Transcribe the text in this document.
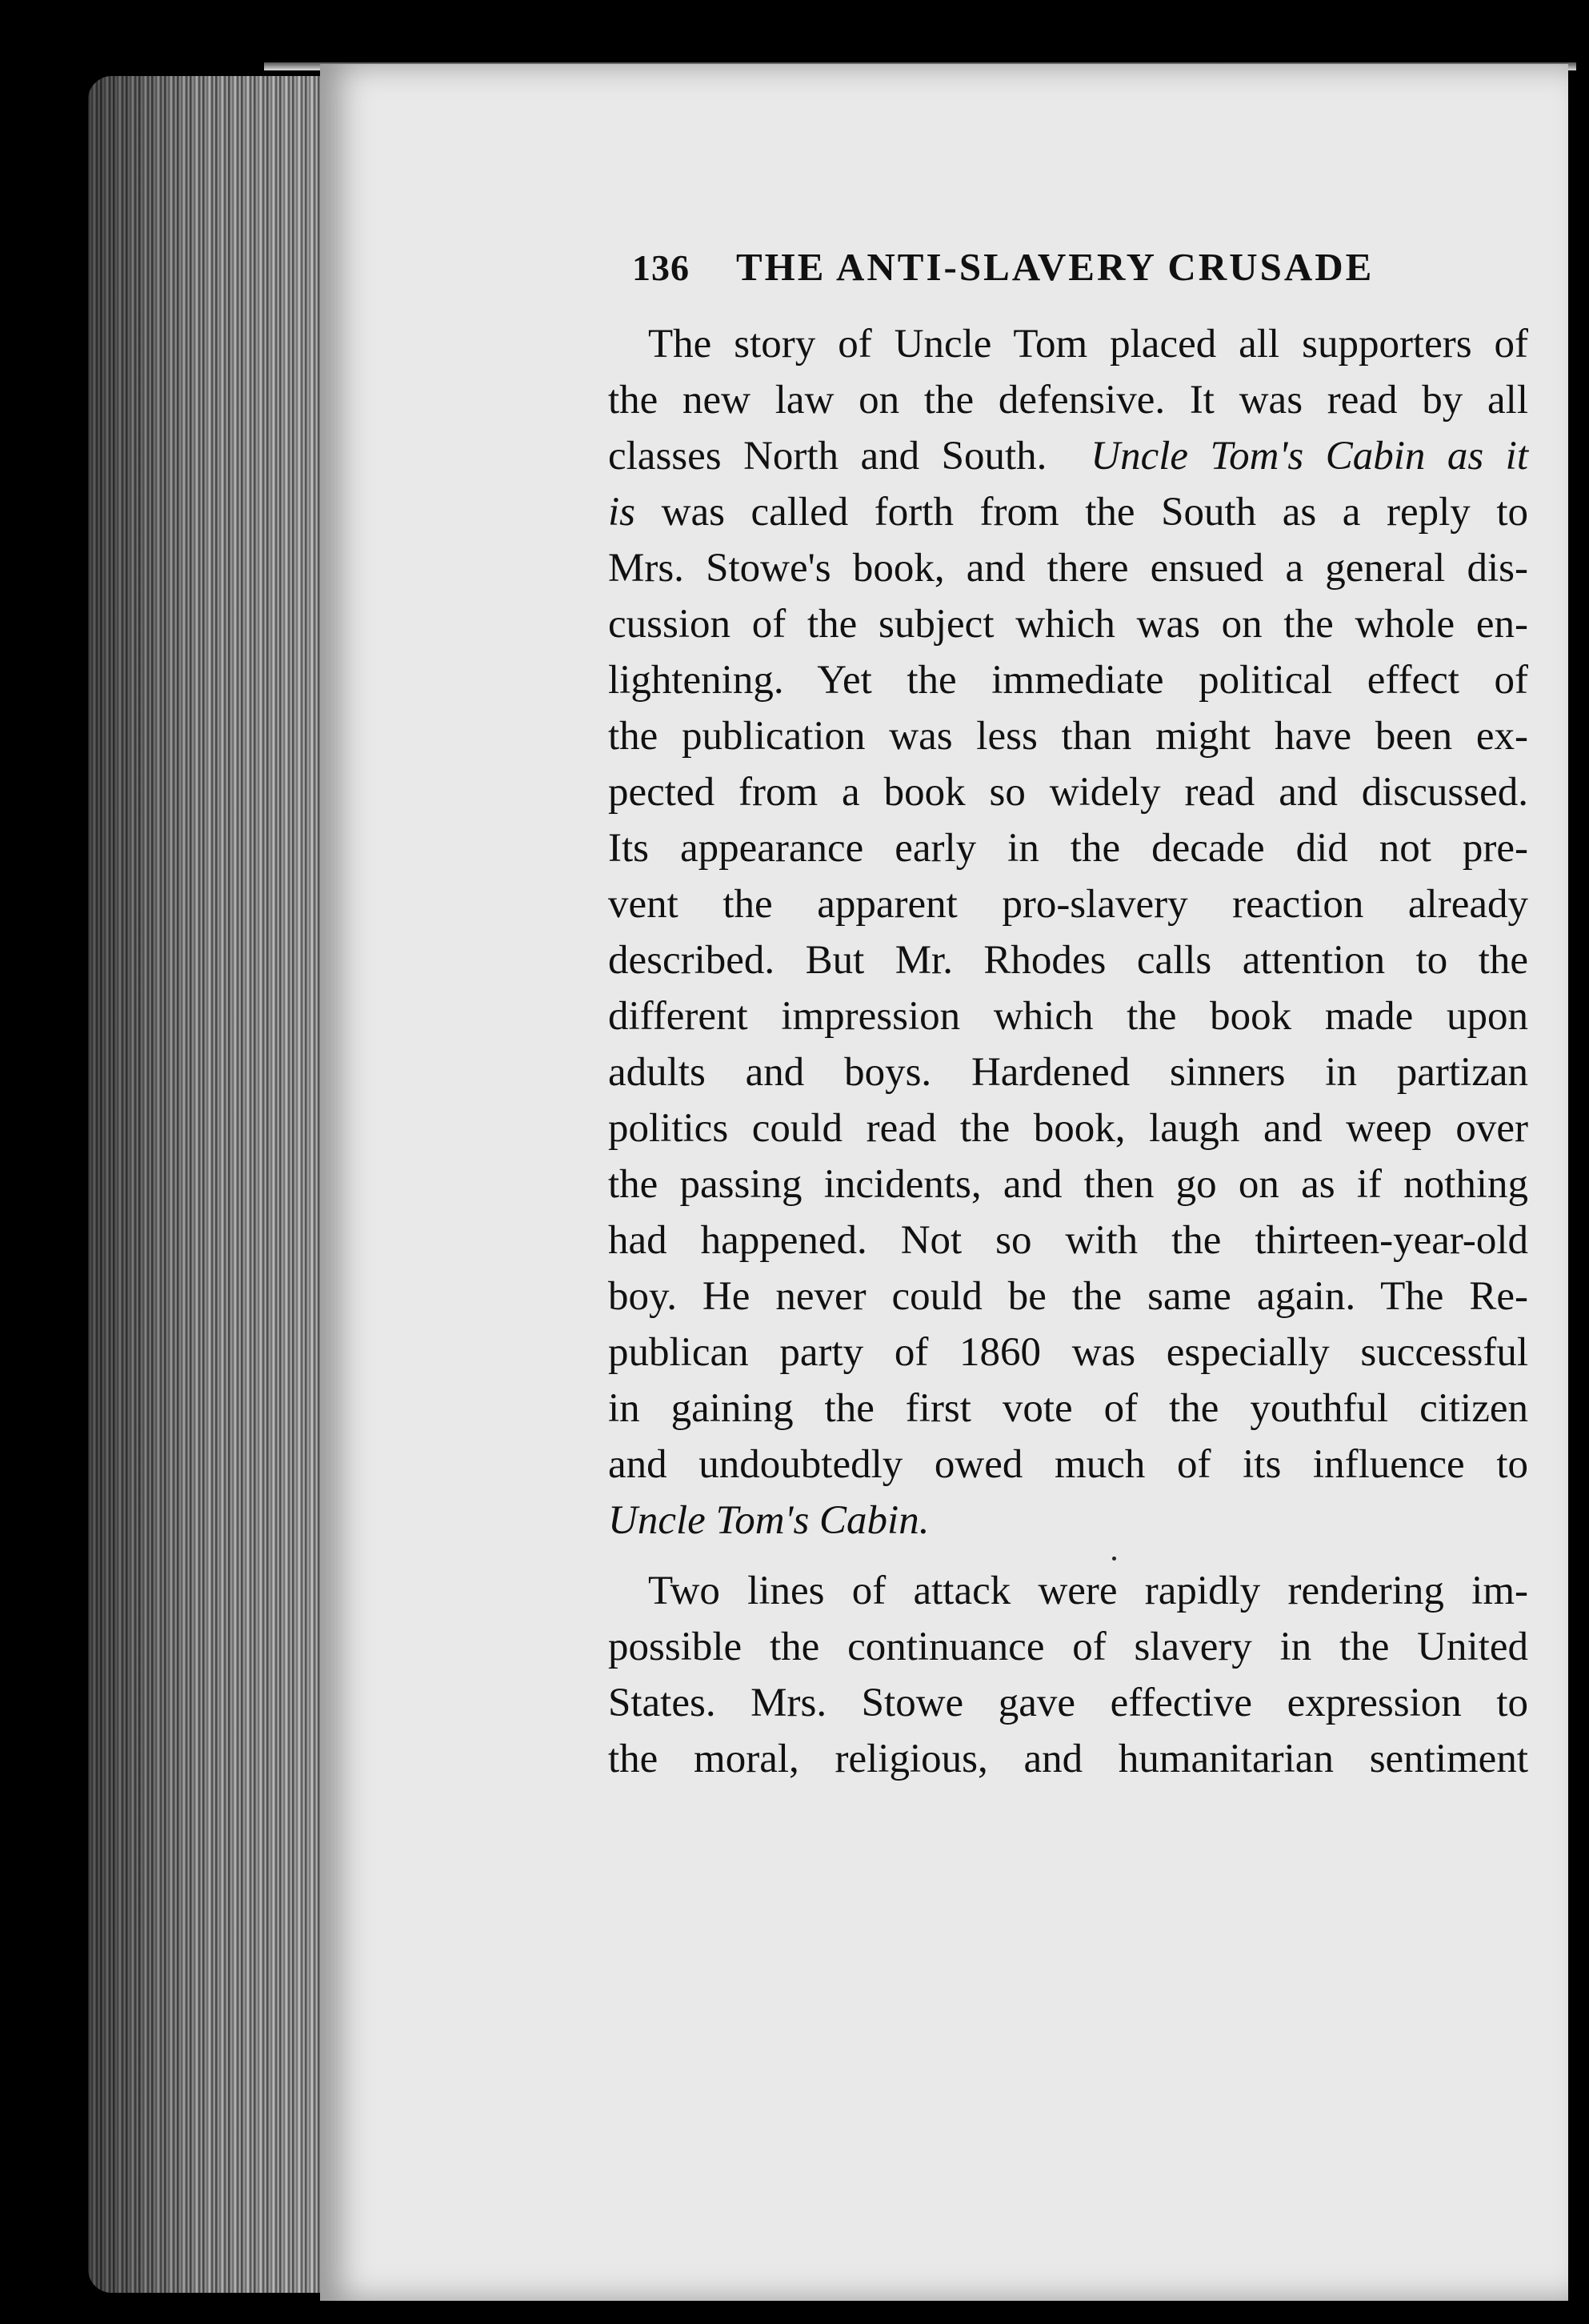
136	THE ANTI-SLAVERY CRUSADE
The story of Uncle Tom placed all supporters of
the new law on the defensive. It was read by all
classes North and South. Uncle Tom's Cabin as it
is was called forth from the South as a reply to
Mrs. Stowe's book, and there ensued a general dis-
cussion of the subject which was on the whole en-
lightening. Yet the immediate political effect of
the publication was less than might have been ex-
pected from a book so widely read and discussed.
Its appearance early in the decade did not pre-
vent the apparent pro-slavery reaction already
described. But Mr. Rhodes calls attention to the
different impression which the book made upon
adults and boys. Hardened sinners in partizan
politics could read the book, laugh and weep over
the passing incidents, and then go on as if nothing
had happened. Not so with the thirteen-year-old
boy. He never could be the same again. The Re-
publican party of 1860 was especially successful
in gaining the first vote of the youthful citizen
and undoubtedly owed much of its influence to
Uncle Tom's Cabin.
Two lines of attack were rapidly rendering im-
possible the continuance of slavery in the United
States. Mrs. Stowe gave effective expression to
the moral, religious, and humanitarian sentiment
